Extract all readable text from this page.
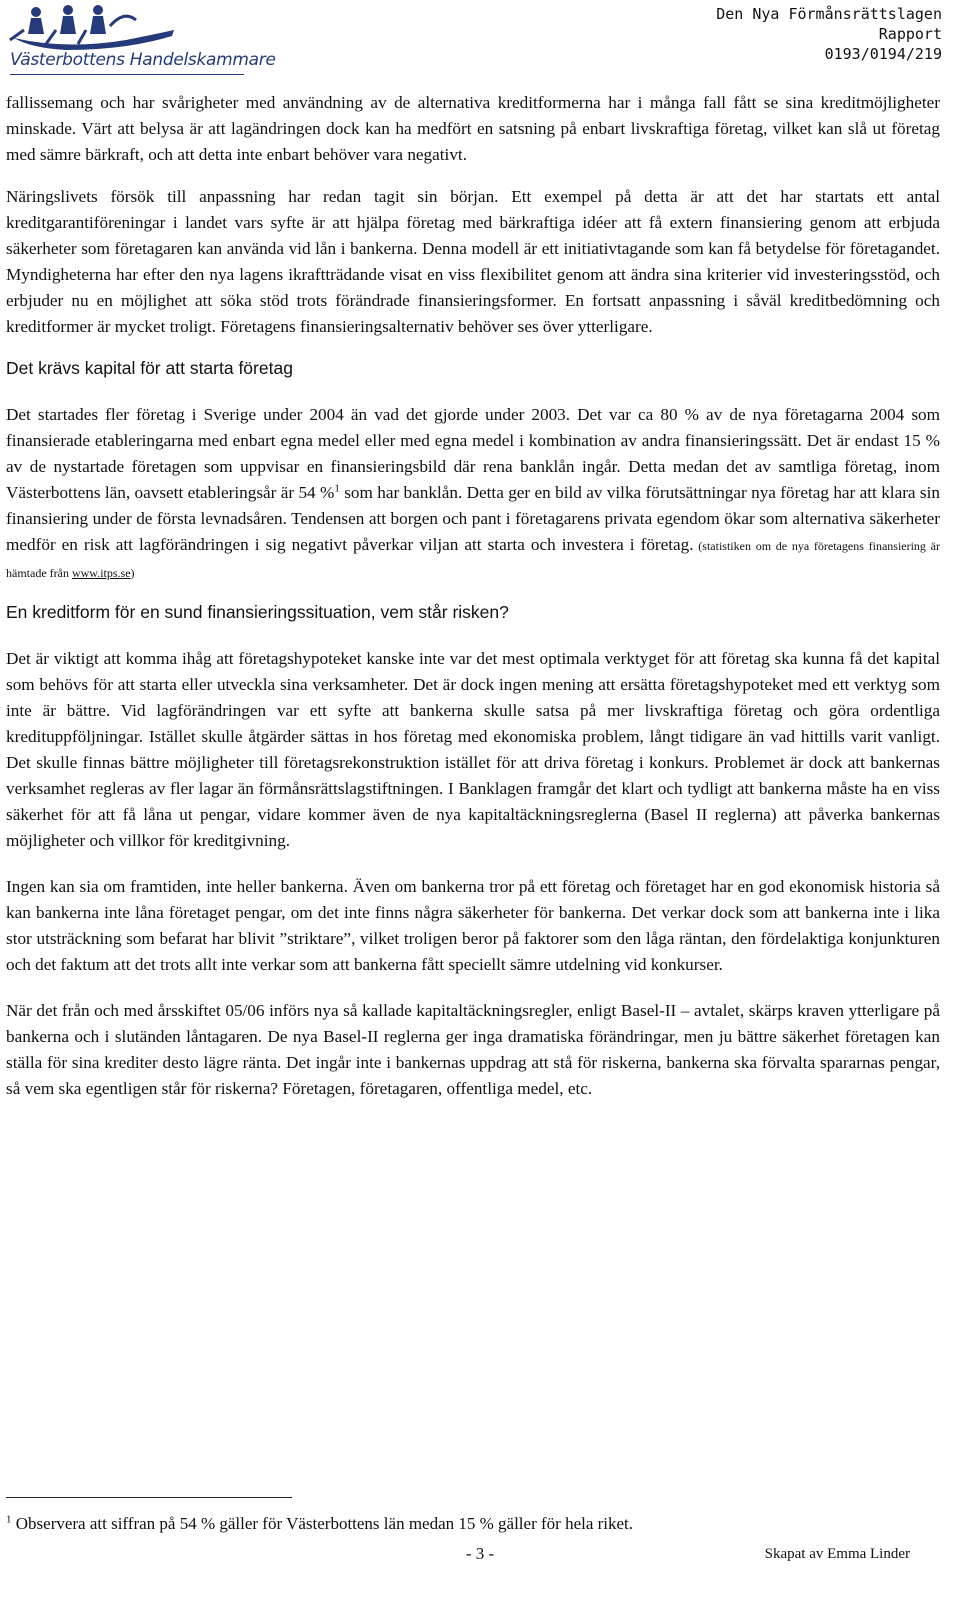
Västerbottens Handelskammare
Den Nya Förmånsrättslagen
Rapport
0193/0194/219

fallissemang och har svårigheter med användning av de alternativa kreditformerna har i många fall fått se sina kreditmöjligheter minskade. Värt att belysa är att lagändringen dock kan ha medfört en satsning på enbart livskraftiga företag, vilket kan slå ut företag med sämre bärkraft, och att detta inte enbart behöver vara negativt.

Näringslivets försök till anpassning har redan tagit sin början. Ett exempel på detta är att det har startats ett antal kreditgarantiföreningar i landet vars syfte är att hjälpa företag med bärkraftiga idéer att få extern finansiering genom att erbjuda säkerheter som företagaren kan använda vid lån i bankerna. Denna modell är ett initiativtagande som kan få betydelse för företagandet. Myndigheterna har efter den nya lagens ikraftträdande visat en viss flexibilitet genom att ändra sina kriterier vid investeringsstöd, och erbjuder nu en möjlighet att söka stöd trots förändrade finansieringsformer. En fortsatt anpassning i såväl kreditbedömning och kreditformer är mycket troligt. Företagens finansieringsalternativ behöver ses över ytterligare.

Det krävs kapital för att starta företag

Det startades fler företag i Sverige under 2004 än vad det gjorde under 2003. Det var ca 80 % av de nya företagarna 2004 som finansierade etableringarna med enbart egna medel eller med egna medel i kombination av andra finansieringssätt. Det är endast 15 % av de nystartade företagen som uppvisar en finansieringsbild där rena banklån ingår. Detta medan det av samtliga företag, inom Västerbottens län, oavsett etableringsår är 54 %$^1$ som har banklån. Detta ger en bild av vilka förutsättningar nya företag har att klara sin finansiering under de första levnadsåren. Tendensen att borgen och pant i företagarens privata egendom ökar som alternativa säkerheter medför en risk att lagförändringen i sig negativt påverkar viljan att starta och investera i företag. (statistiken om de nya företagens finansiering är hämtade från www.itps.se)

En kreditform för en sund finansieringssituation, vem står risken?

Det är viktigt att komma ihåg att företagshypoteket kanske inte var det mest optimala verktyget för att företag ska kunna få det kapital som behövs för att starta eller utveckla sina verksamheter. Det är dock ingen mening att ersätta företagshypoteket med ett verktyg som inte är bättre. Vid lagförändringen var ett syfte att bankerna skulle satsa på mer livskraftiga företag och göra ordentliga kredituppföljningar. Istället skulle åtgärder sättas in hos företag med ekonomiska problem, långt tidigare än vad hittills varit vanligt. Det skulle finnas bättre möjligheter till företagsrekonstruktion istället för att driva företag i konkurs. Problemet är dock att bankernas verksamhet regleras av fler lagar än förmånsrättslagstiftningen. I Banklagen framgår det klart och tydligt att bankerna måste ha en viss säkerhet för att få låna ut pengar, vidare kommer även de nya kapitaltäckningsreglerna (Basel II reglerna) att påverka bankernas möjligheter och villkor för kreditgivning.

Ingen kan sia om framtiden, inte heller bankerna. Även om bankerna tror på ett företag och företaget har en god ekonomisk historia så kan bankerna inte låna företaget pengar, om det inte finns några säkerheter för bankerna. Det verkar dock som att bankerna inte i lika stor utsträckning som befarat har blivit ”striktare”, vilket troligen beror på faktorer som den låga räntan, den fördelaktiga konjunkturen och det faktum att det trots allt inte verkar som att bankerna fått speciellt sämre utdelning vid konkurser.

När det från och med årsskiftet 05/06 införs nya så kallade kapitaltäckningsregler, enligt Basel-II – avtalet, skärps kraven ytterligare på bankerna och i slutänden låntagaren. De nya Basel-II reglerna ger inga dramatiska förändringar, men ju bättre säkerhet företagen kan ställa för sina krediter desto lägre ränta. Det ingår inte i bankernas uppdrag att stå för riskerna, bankerna ska förvalta spararnas pengar, så vem ska egentligen står för riskerna? Företagen, företagaren, offentliga medel, etc.

$^1$ Observera att siffran på 54 % gäller för Västerbottens län medan 15 % gäller för hela riket.
- 3 -	Skapat av Emma Linder
